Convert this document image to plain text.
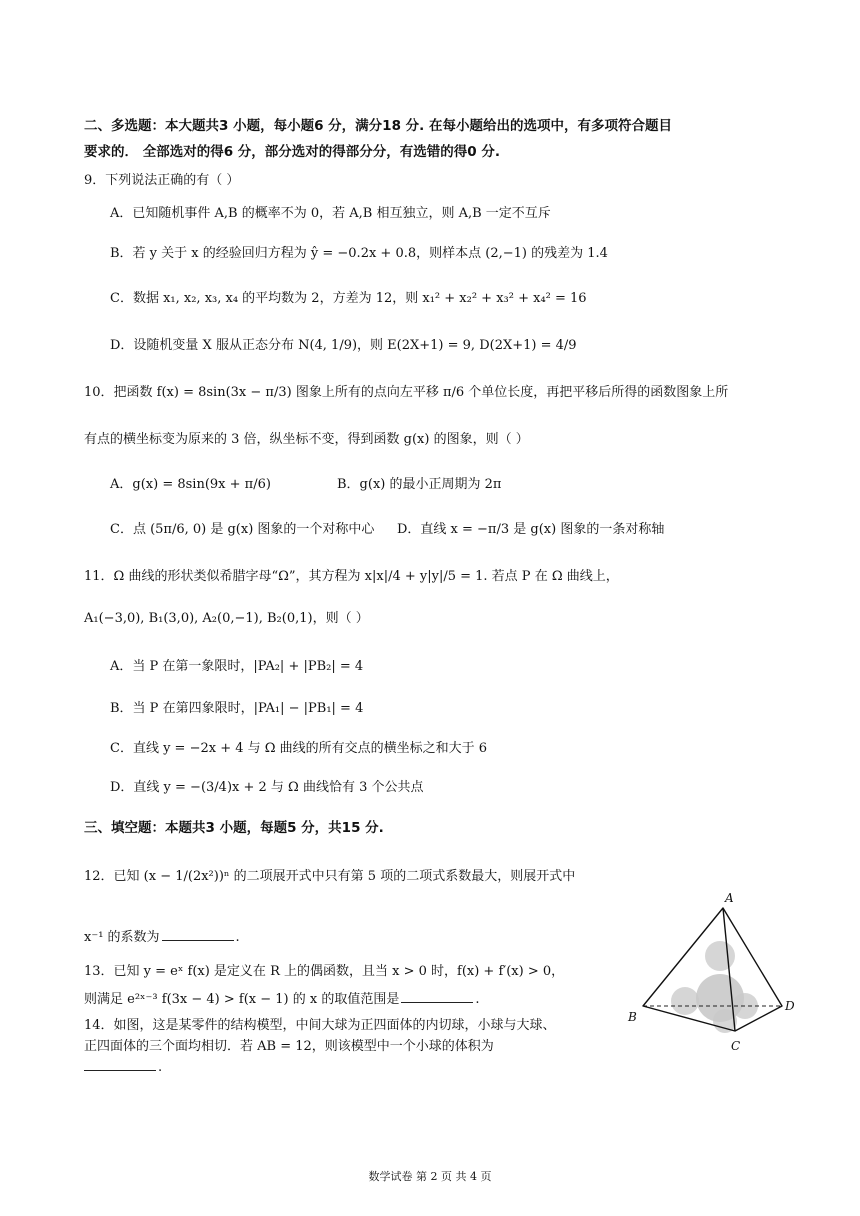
二、多选题：本大题共3 小题，每小题6 分，满分18 分. 在每小题给出的选项中，有多项符合题目
要求的． 全部选对的得6 分，部分选对的得部分分，有选错的得0 分.
9．下列说法正确的有（ ）
A．已知随机事件 A,B 的概率不为 0，若 A,B 相互独立，则 A,B 一定不互斥
B．若 y 关于 x 的经验回归方程为 ŷ = −0.2x + 0.8，则样本点 (2,−1) 的残差为 1.4
C．数据 x₁, x₂, x₃, x₄ 的平均数为 2，方差为 12，则 x₁² + x₂² + x₃² + x₄² = 16
D．设随机变量 X 服从正态分布 N(4, 1/9)，则 E(2X+1) = 9, D(2X+1) = 4/9
10．把函数 f(x) = 8sin(3x − π/3) 图象上所有的点向左平移 π/6 个单位长度，再把平移后所得的函数图象上所
有点的横坐标变为原来的 3 倍，纵坐标不变，得到函数 g(x) 的图象，则（ ）
A．g(x) = 8sin(9x + π/6)	B．g(x) 的最小正周期为 2π
C．点 (5π/6, 0) 是 g(x) 图象的一个对称中心 D．直线 x = −π/3 是 g(x) 图象的一条对称轴
11．Ω 曲线的形状类似希腊字母“Ω”，其方程为 x|x|/4 + y|y|/5 = 1. 若点 P 在 Ω 曲线上，
A₁(−3,0), B₁(3,0), A₂(0,−1), B₂(0,1)，则（ ）
A．当 P 在第一象限时，|PA₂| + |PB₂| = 4
B．当 P 在第四象限时，|PA₁| − |PB₁| = 4
C．直线 y = −2x + 4 与 Ω 曲线的所有交点的横坐标之和大于 6
D．直线 y = −(3/4)x + 2 与 Ω 曲线恰有 3 个公共点
三、填空题：本题共3 小题，每题5 分，共15 分.
12．已知 (x − 1/(2x²))ⁿ 的二项展开式中只有第 5 项的二项式系数最大，则展开式中
x⁻¹ 的系数为	.
13．已知 y = eˣ f(x) 是定义在 R 上的偶函数，且当 x > 0 时，f(x) + f′(x) > 0，
则满足 e²ˣ⁻³ f(3x − 4) > f(x − 1) 的 x 的取值范围是	.
14．如图，这是某零件的结构模型，中间大球为正四面体的内切球，小球与大球、
正四面体的三个面均相切．若 AB = 12，则该模型中一个小球的体积为
.
A
B
C
D
数学试卷 第 2 页 共 4 页
